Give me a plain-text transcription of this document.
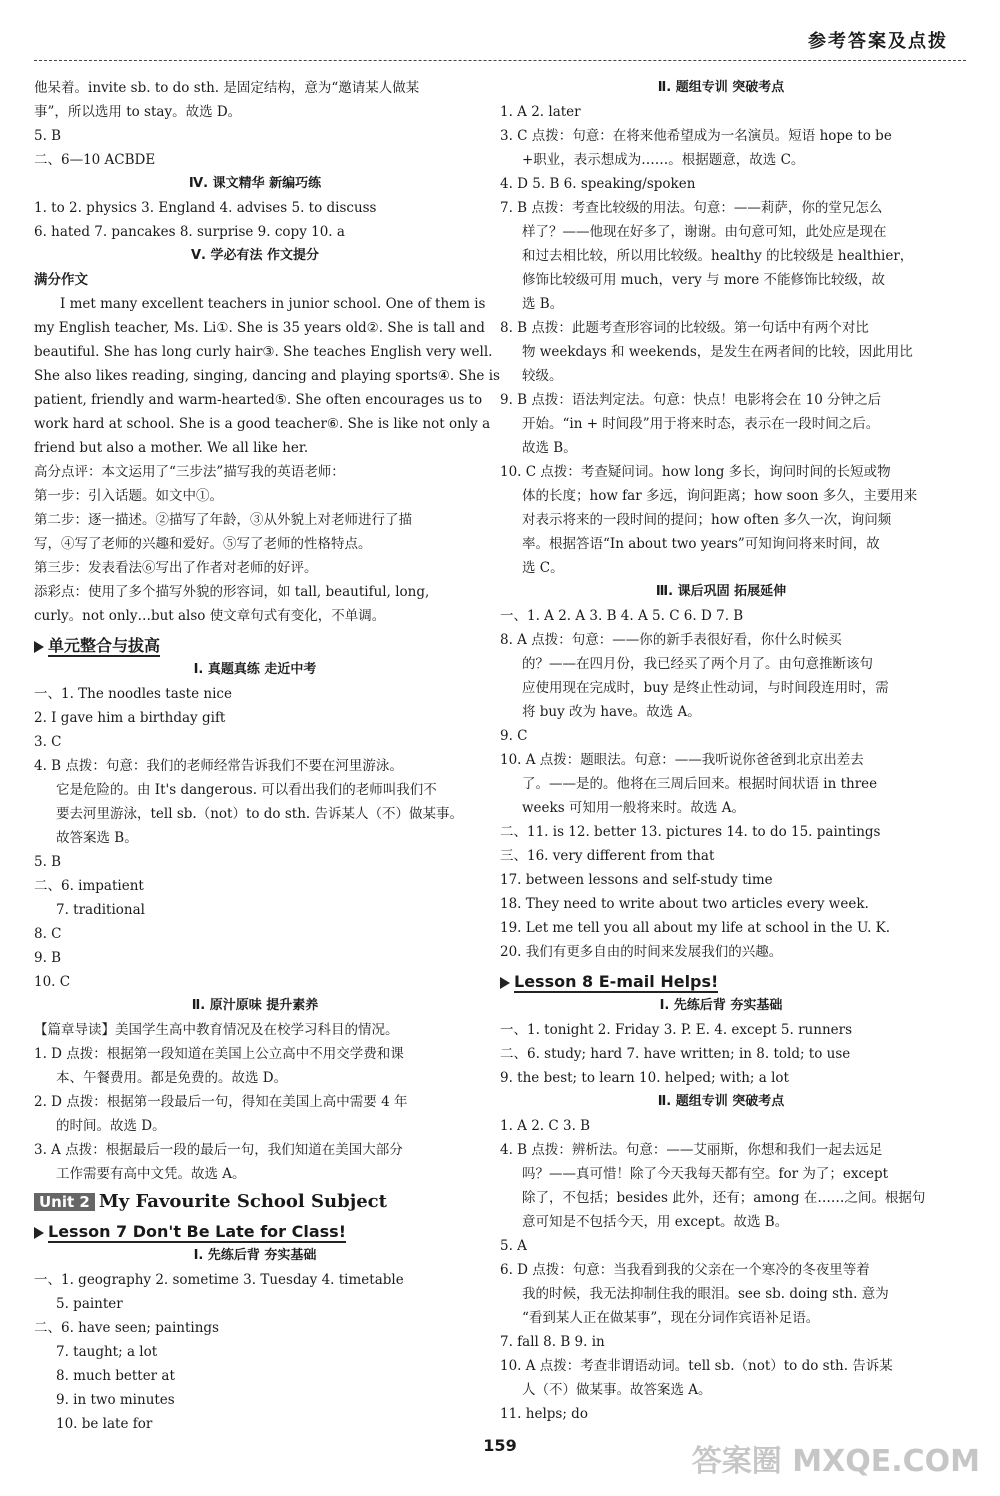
参考答案及点拨
他呆着。invite sb. to do sth. 是固定结构，意为“邀请某人做某
事”，所以选用 to stay。故选 D。
5. B
二、6—10 ACBDE
Ⅳ. 课文精华 新编巧练
1. to 2. physics 3. England 4. advises 5. to discuss
6. hated 7. pancakes 8. surprise 9. copy 10. a
Ⅴ. 学必有法 作文提分
满分作文
I met many excellent teachers in junior school. One of them is
my English teacher, Ms. Li①. She is 35 years old②. She is tall and
beautiful. She has long curly hair③. She teaches English very well.
She also likes reading, singing, dancing and playing sports④. She is
patient, friendly and warm-hearted⑤. She often encourages us to
work hard at school. She is a good teacher⑥. She is like not only a
friend but also a mother. We all like her.
高分点评：本文运用了“三步法”描写我的英语老师：
第一步：引入话题。如文中①。
第二步：逐一描述。②描写了年龄，③从外貌上对老师进行了描
写，④写了老师的兴趣和爱好。⑤写了老师的性格特点。
第三步：发表看法⑥写出了作者对老师的好评。
添彩点：使用了多个描写外貌的形容词，如 tall, beautiful, long,
curly。not only…but also 使文章句式有变化，不单调。
单元整合与拔高
Ⅰ. 真题真练 走近中考
一、1. The noodles taste nice
2. I gave him a birthday gift
3. C
4. B 点拨：句意：我们的老师经常告诉我们不要在河里游泳。
它是危险的。由 It's dangerous. 可以看出我们的老师叫我们不
要去河里游泳，tell sb.（not）to do sth. 告诉某人（不）做某事。
故答案选 B。
5. B
二、6. impatient
7. traditional
8. C
9. B
10. C
Ⅱ. 原汁原味 提升素养
【篇章导读】美国学生高中教育情况及在校学习科目的情况。
1. D 点拨：根据第一段知道在美国上公立高中不用交学费和课
本、午餐费用。都是免费的。故选 D。
2. D 点拨：根据第一段最后一句，得知在美国上高中需要 4 年
的时间。故选 D。
3. A 点拨：根据最后一段的最后一句，我们知道在美国大部分
工作需要有高中文凭。故选 A。
Unit 2 My Favourite School Subject
Lesson 7 Don't Be Late for Class!
Ⅰ. 先练后背 夯实基础
一、1. geography 2. sometime 3. Tuesday 4. timetable
5. painter
二、6. have seen; paintings
7. taught; a lot
8. much better at
9. in two minutes
10. be late for
Ⅱ. 题组专训 突破考点
1. A 2. later
3. C 点拨：句意：在将来他希望成为一名演员。短语 hope to be
+职业，表示想成为……。根据题意，故选 C。
4. D 5. B 6. speaking/spoken
7. B 点拨：考查比较级的用法。句意：——莉萨，你的堂兄怎么
样了？——他现在好多了，谢谢。由句意可知，此处应是现在
和过去相比较，所以用比较级。healthy 的比较级是 healthier，
修饰比较级可用 much，very 与 more 不能修饰比较级，故
选 B。
8. B 点拨：此题考查形容词的比较级。第一句话中有两个对比
物 weekdays 和 weekends，是发生在两者间的比较，因此用比
较级。
9. B 点拨：语法判定法。句意：快点！电影将会在 10 分钟之后
开始。“in + 时间段”用于将来时态，表示在一段时间之后。
故选 B。
10. C 点拨：考查疑问词。how long 多长，询问时间的长短或物
体的长度；how far 多远，询问距离；how soon 多久，主要用来
对表示将来的一段时间的提问；how often 多久一次，询问频
率。根据答语“In about two years”可知询问将来时间，故
选 C。
Ⅲ. 课后巩固 拓展延伸
一、1. A 2. A 3. B 4. A 5. C 6. D 7. B
8. A 点拨：句意：——你的新手表很好看，你什么时候买
的？——在四月份，我已经买了两个月了。由句意推断该句
应使用现在完成时，buy 是终止性动词，与时间段连用时，需
将 buy 改为 have。故选 A。
9. C
10. A 点拨：题眼法。句意：——我听说你爸爸到北京出差去
了。——是的。他将在三周后回来。根据时间状语 in three
weeks 可知用一般将来时。故选 A。
二、11. is 12. better 13. pictures 14. to do 15. paintings
三、16. very different from that
17. between lessons and self-study time
18. They need to write about two articles every week.
19. Let me tell you all about my life at school in the U. K.
20. 我们有更多自由的时间来发展我们的兴趣。
Lesson 8 E-mail Helps!
Ⅰ. 先练后背 夯实基础
一、1. tonight 2. Friday 3. P. E. 4. except 5. runners
二、6. study; hard 7. have written; in 8. told; to use
9. the best; to learn 10. helped; with; a lot
Ⅱ. 题组专训 突破考点
1. A 2. C 3. B
4. B 点拨：辨析法。句意：——艾丽斯，你想和我们一起去远足
吗？——真可惜！除了今天我每天都有空。for 为了；except
除了，不包括；besides 此外，还有；among 在……之间。根据句
意可知是不包括今天，用 except。故选 B。
5. A
6. D 点拨：句意：当我看到我的父亲在一个寒冷的冬夜里等着
我的时候，我无法抑制住我的眼泪。see sb. doing sth. 意为
“看到某人正在做某事”，现在分词作宾语补足语。
7. fall 8. B 9. in
10. A 点拨：考查非谓语动词。tell sb.（not）to do sth. 告诉某
人（不）做某事。故答案选 A。
11. helps; do
159	答案圈 MXQE.COM
